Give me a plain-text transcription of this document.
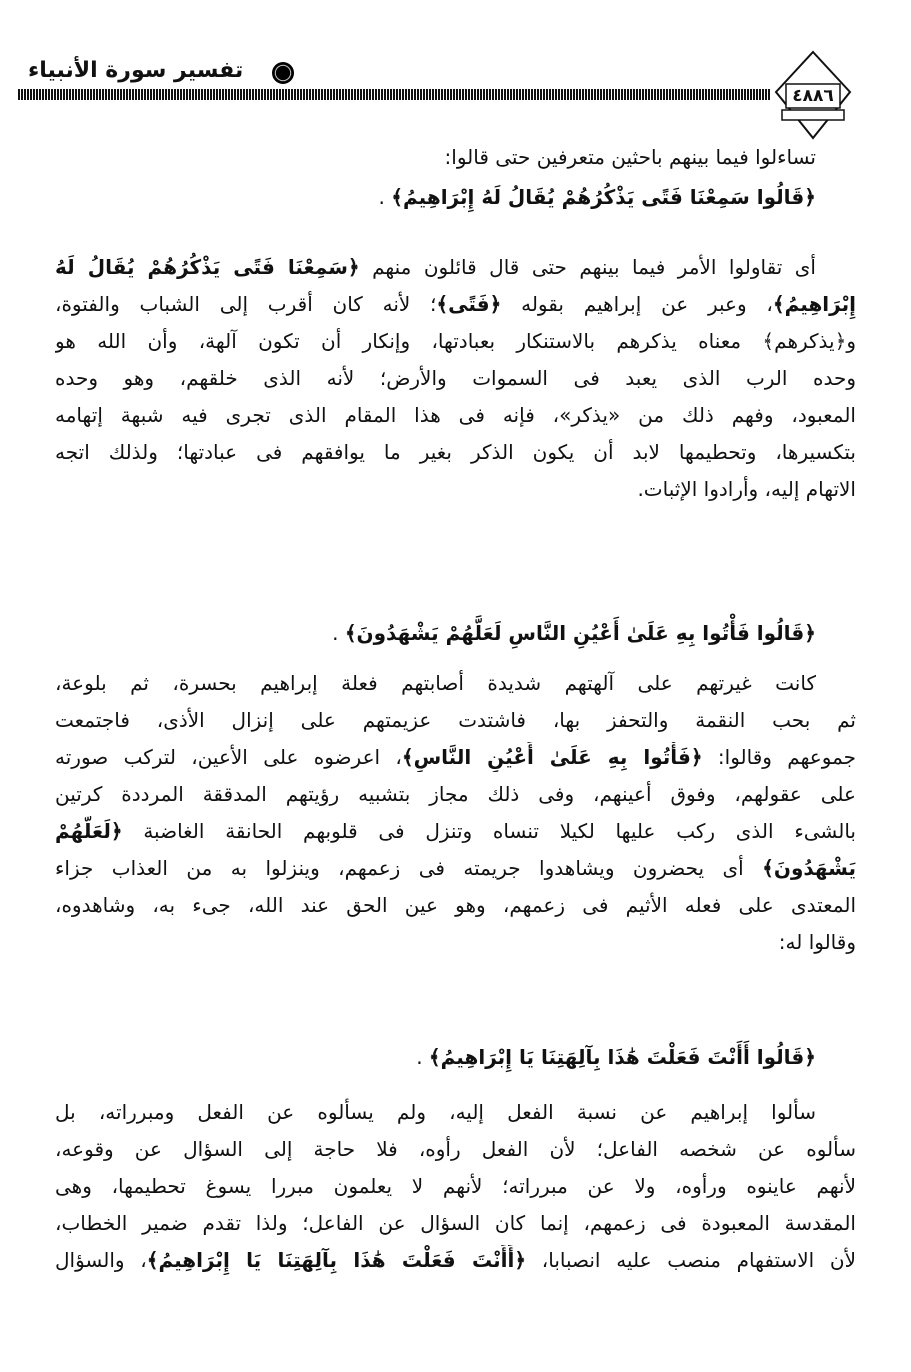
تفسير سورة الأنبياء
٤٨٨٦
تساءلوا فيما بينهم باحثين متعرفين حتى قالوا:
﴿قَالُوا سَمِعْنَا فَتًى يَذْكُرُهُمْ يُقَالُ لَهُ إِبْرَاهِيمُ﴾ .
أى تقاولوا الأمر فيما بينهم حتى قال قائلون منهم ﴿سَمِعْنَا فَتًى يَذْكُرُهُمْ يُقَالُ لَهُ
إِبْرَاهِيمُ﴾، وعبر عن إبراهيم بقوله ﴿فَتًى﴾؛ لأنه كان أقرب إلى الشباب والفتوة،
و﴿يذكرهم﴾ معناه يذكرهم بالاستنكار بعبادتها، وإنكار أن تكون آلهة، وأن الله هو
وحده الرب الذى يعبد فى السموات والأرض؛ لأنه الذى خلقهم، وهو وحده
المعبود، وفهم ذلك من «يذكر»، فإنه فى هذا المقام الذى تجرى فيه شبهة إتهامه
بتكسيرها، وتحطيمها لابد أن يكون الذكر بغير ما يوافقهم فى عبادتها؛ ولذلك اتجه
الاتهام إليه، وأرادوا الإثبات.
﴿قَالُوا فَأْتُوا بِهِ عَلَىٰ أَعْيُنِ النَّاسِ لَعَلَّهُمْ يَشْهَدُونَ﴾ .
كانت غيرتهم على آلهتهم شديدة أصابتهم فعلة إبراهيم بحسرة، ثم بلوعة،
ثم بحب النقمة والتحفز بها، فاشتدت عزيمتهم على إنزال الأذى، فاجتمعت
جموعهم وقالوا: ﴿فَأْتُوا بِهِ عَلَىٰ أَعْيُنِ النَّاسِ﴾، اعرضوه على الأعين، لتركب صورته
على عقولهم، وفوق أعينهم، وفى ذلك مجاز بتشبيه رؤيتهم المدققة المرددة كرتين
بالشىء الذى ركب عليها لكيلا تنساه وتنزل فى قلوبهم الحانقة الغاضبة ﴿لَعَلَّهُمْ
يَشْهَدُونَ﴾ أى يحضرون ويشاهدوا جريمته فى زعمهم، وينزلوا به من العذاب جزاء
المعتدى على فعله الأثيم فى زعمهم، وهو عين الحق عند الله، جىء به، وشاهدوه،
وقالوا له:
﴿قَالُوا أَأَنْتَ فَعَلْتَ هَٰذَا بِآلِهَتِنَا يَا إِبْرَاهِيمُ﴾ .
سألوا إبراهيم عن نسبة الفعل إليه، ولم يسألوه عن الفعل ومبرراته، بل
سألوه عن شخصه الفاعل؛ لأن الفعل رأوه، فلا حاجة إلى السؤال عن وقوعه،
لأنهم عاينوه ورأوه، ولا عن مبرراته؛ لأنهم لا يعلمون مبررا يسوغ تحطيمها، وهى
المقدسة المعبودة فى زعمهم، إنما كان السؤال عن الفاعل؛ ولذا تقدم ضمير الخطاب،
لأن الاستفهام منصب عليه انصبابا، ﴿أَأَنْتَ فَعَلْتَ هَٰذَا بِآلِهَتِنَا يَا إِبْرَاهِيمُ﴾، والسؤال
